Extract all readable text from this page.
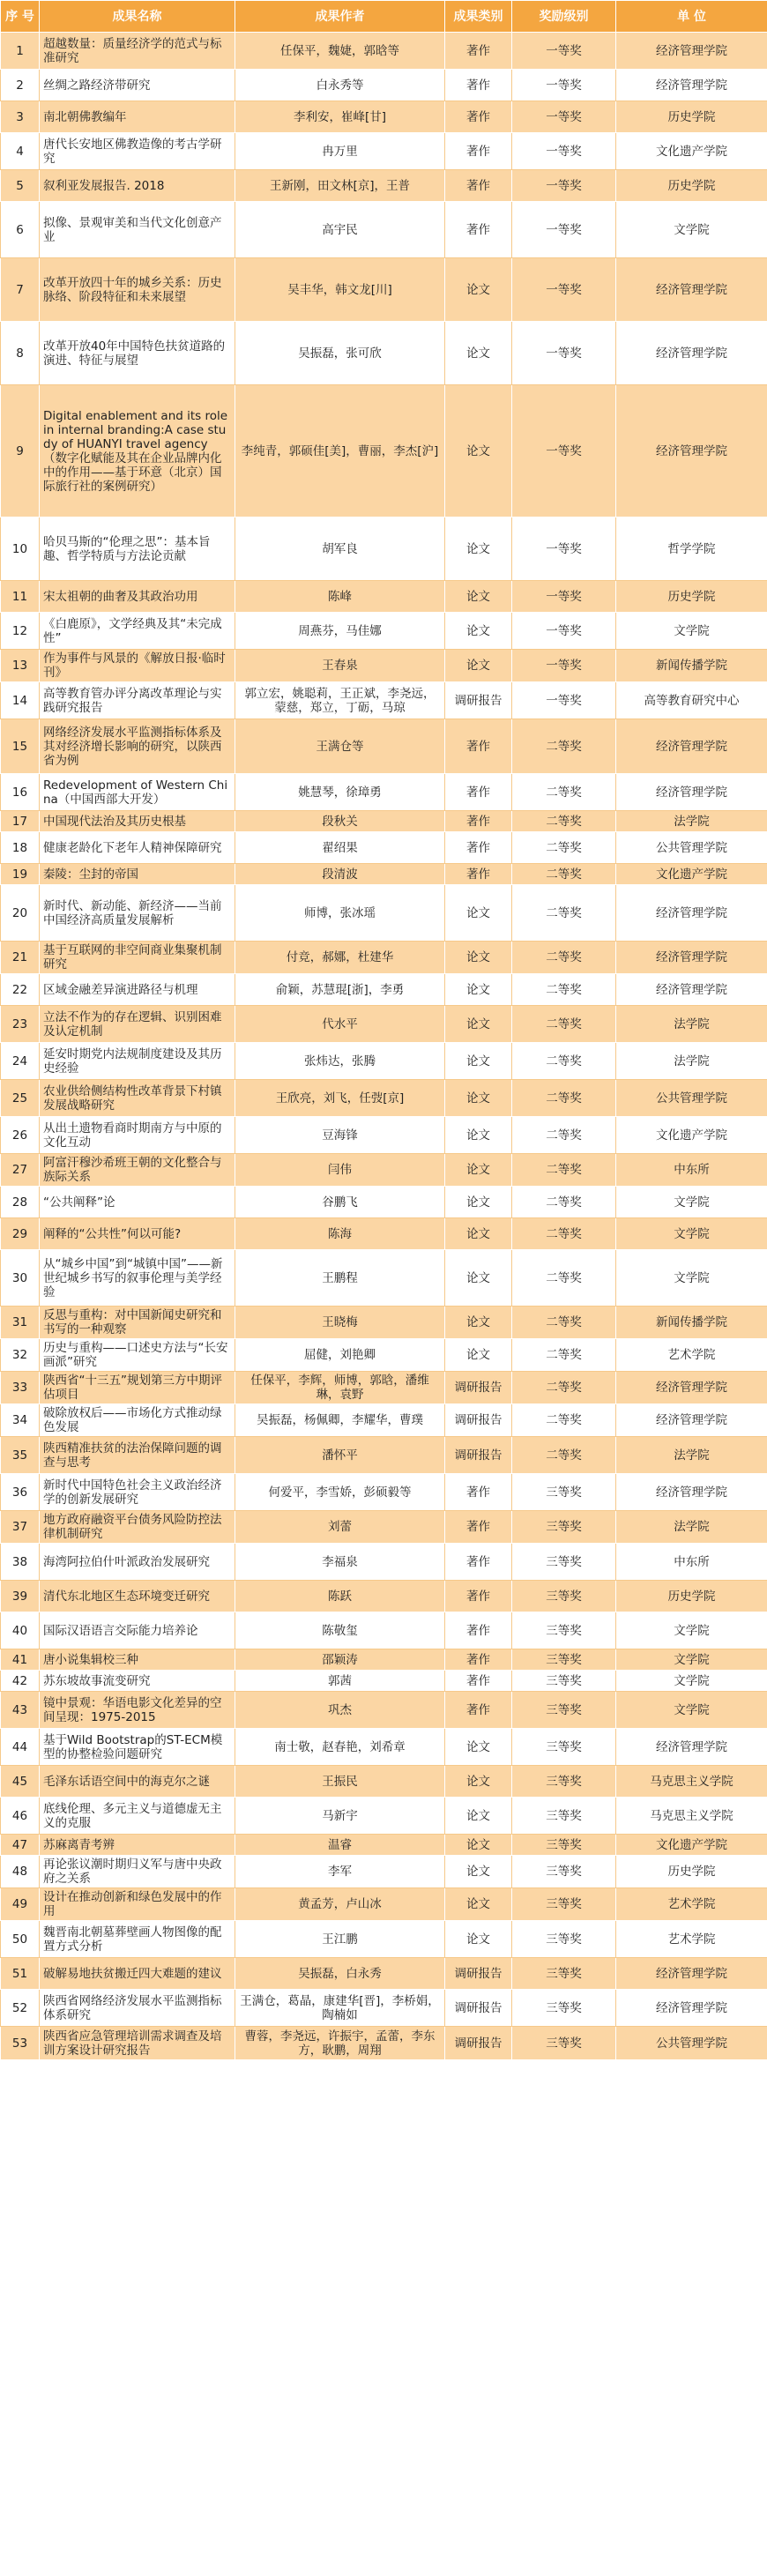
序 号	成果名称	成果作者	成果类别	奖励级别	单 位
1	超越数量：质量经济学的范式与标准研究	任保平，魏婕，郭晗等	著作	一等奖	经济管理学院
2	丝绸之路经济带研究	白永秀等	著作	一等奖	经济管理学院
3	南北朝佛教编年	李利安，崔峰[甘]	著作	一等奖	历史学院
4	唐代长安地区佛教造像的考古学研究	冉万里	著作	一等奖	文化遗产学院
5	叙利亚发展报告. 2018	王新刚，田文林[京]，王普	著作	一等奖	历史学院
6	拟像、景观审美和当代文化创意产业	高宇民	著作	一等奖	文学院
7	改革开放四十年的城乡关系：历史脉络、阶段特征和未来展望	吴丰华，韩文龙[川]	论文	一等奖	经济管理学院
8	改革开放40年中国特色扶贫道路的演进、特征与展望	吴振磊，张可欣	论文	一等奖	经济管理学院
9	Digital enablement and its role in internal branding:A case study of HUANYI travel agency（数字化赋能及其在企业品牌内化中的作用——基于环意（北京）国际旅行社的案例研究）	李纯青，郭硕佳[美]，曹丽，李杰[沪]	论文	一等奖	经济管理学院
10	哈贝马斯的“伦理之思”：基本旨趣、哲学特质与方法论贡献	胡军良	论文	一等奖	哲学学院
11	宋太祖朝的曲奢及其政治功用	陈峰	论文	一等奖	历史学院
12	《白鹿原》，文学经典及其“未完成性”	周燕芬，马佳娜	论文	一等奖	文学院
13	作为事件与风景的《解放日报·临时刊》	王春泉	论文	一等奖	新闻传播学院
14	高等教育管办评分离改革理论与实践研究报告	郭立宏，姚聪莉，王正斌，李尧远，蒙慈，郑立，丁砺，马琼	调研报告	一等奖	高等教育研究中心
15	网络经济发展水平监测指标体系及其对经济增长影响的研究，以陕西省为例	王满仓等	著作	二等奖	经济管理学院
16	Redevelopment of Western China（中国西部大开发）	姚慧琴，徐璋勇	著作	二等奖	经济管理学院
17	中国现代法治及其历史根基	段秋关	著作	二等奖	法学院
18	健康老龄化下老年人精神保障研究	翟绍果	著作	二等奖	公共管理学院
19	秦陵：尘封的帝国	段清波	著作	二等奖	文化遗产学院
20	新时代、新动能、新经济——当前中国经济高质量发展解析	师博，张冰瑶	论文	二等奖	经济管理学院
21	基于互联网的非空间商业集聚机制研究	付竞，郝娜，杜建华	论文	二等奖	经济管理学院
22	区域金融差异演进路径与机理	俞颖，苏慧琨[浙]，李勇	论文	二等奖	经济管理学院
23	立法不作为的存在逻辑、识别困难及认定机制	代水平	论文	二等奖	法学院
24	延安时期党内法规制度建设及其历史经验	张炜达，张腾	论文	二等奖	法学院
25	农业供给侧结构性改革背景下村镇发展战略研究	王欣亮，刘飞，任弢[京]	论文	二等奖	公共管理学院
26	从出土遗物看商时期南方与中原的文化互动	豆海锋	论文	二等奖	文化遗产学院
27	阿富汗穆沙希班王朝的文化整合与族际关系	闫伟	论文	二等奖	中东所
28	“公共阐释”论	谷鹏飞	论文	二等奖	文学院
29	阐释的“公共性”何以可能?	陈海	论文	二等奖	文学院
30	从“城乡中国”到“城镇中国”——新世纪城乡书写的叙事伦理与美学经验	王鹏程	论文	二等奖	文学院
31	反思与重构：对中国新闻史研究和书写的一种观察	王晓梅	论文	二等奖	新闻传播学院
32	历史与重构——口述史方法与“长安画派”研究	屈健，刘艳卿	论文	二等奖	艺术学院
33	陕西省“十三五”规划第三方中期评估项目	任保平，李辉，师博，郭晗，潘维琳，袁野	调研报告	二等奖	经济管理学院
34	破除放权后——市场化方式推动绿色发展	吴振磊，杨佩卿，李耀华，曹璞	调研报告	二等奖	经济管理学院
35	陕西精准扶贫的法治保障问题的调查与思考	潘怀平	调研报告	二等奖	法学院
36	新时代中国特色社会主义政治经济学的创新发展研究	何爱平，李雪娇，彭硕毅等	著作	三等奖	经济管理学院
37	地方政府融资平台债务风险防控法律机制研究	刘蕾	著作	三等奖	法学院
38	海湾阿拉伯什叶派政治发展研究	李福泉	著作	三等奖	中东所
39	清代东北地区生态环境变迁研究	陈跃	著作	三等奖	历史学院
40	国际汉语语言交际能力培养论	陈敬玺	著作	三等奖	文学院
41	唐小说集辑校三种	邵颖涛	著作	三等奖	文学院
42	苏东坡故事流变研究	郭茜	著作	三等奖	文学院
43	镜中景观：华语电影文化差异的空间呈现：1975-2015	巩杰	著作	三等奖	文学院
44	基于Wild Bootstrap的ST-ECM模型的协整检验问题研究	南士敬，赵春艳，刘希章	论文	三等奖	经济管理学院
45	毛泽东话语空间中的海克尔之谜	王振民	论文	三等奖	马克思主义学院
46	底线伦理、多元主义与道德虚无主义的克服	马新宇	论文	三等奖	马克思主义学院
47	苏麻离青考辨	温睿	论文	三等奖	文化遗产学院
48	再论张议潮时期归义军与唐中央政府之关系	李军	论文	三等奖	历史学院
49	设计在推动创新和绿色发展中的作用	黄孟芳，卢山冰	论文	三等奖	艺术学院
50	魏晋南北朝墓葬壁画人物图像的配置方式分析	王江鹏	论文	三等奖	艺术学院
51	破解易地扶贫搬迁四大难题的建议	吴振磊，白永秀	调研报告	三等奖	经济管理学院
52	陕西省网络经济发展水平监测指标体系研究	王满仓，葛晶，康建华[晋]，李桥娟，陶楠如	调研报告	三等奖	经济管理学院
53	陕西省应急管理培训需求调查及培训方案设计研究报告	曹蓉，李尧远，许振宇，孟蕾，李东方，耿鹏，周翔	调研报告	三等奖	公共管理学院
